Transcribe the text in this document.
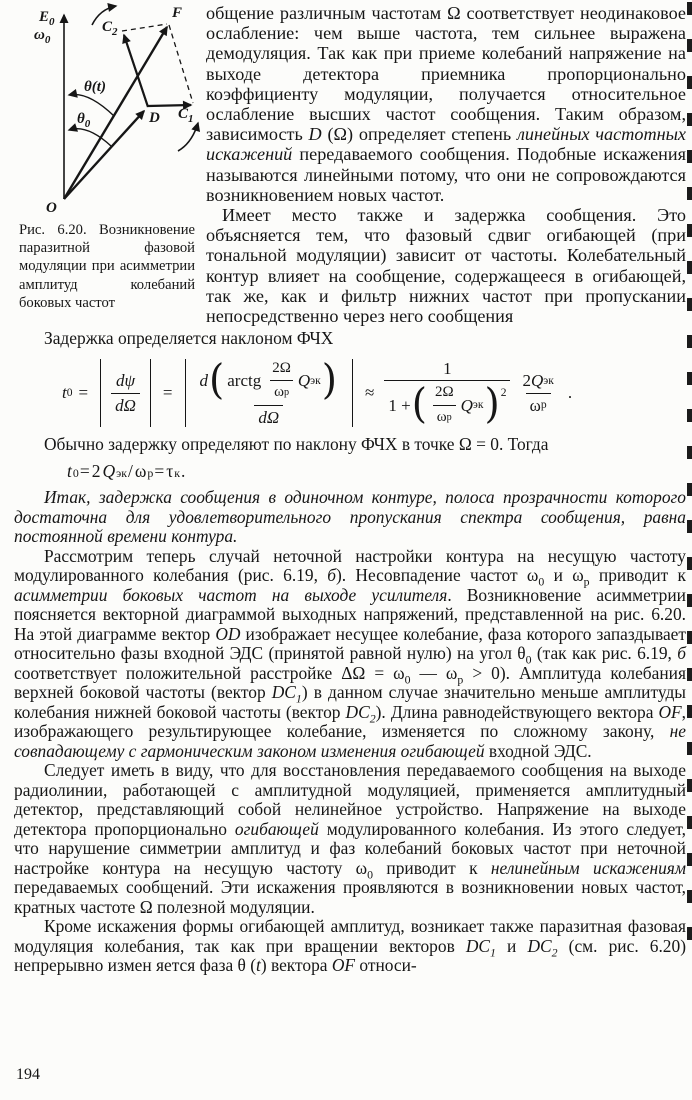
$E_0$
$\omega_0$
$C_2$
F
θ(t)
$\theta_0$	D $C_1$
O
Рис. 6.20. Возникновение паразитной фазовой модуляции при асимметрии амплитуд колебаний боковых частот
общение различным частотам Ω соответствует неодинаковое ослабление: чем выше частота, тем сильнее выражена демодуляция. Так как при приеме колебаний напряжение на выходе детектора приемника пропорционально коэффициенту модуляции, получается относительное ослабление высших частот сообщения. Таким образом, зависимость D (Ω) определяет степень линейных частотных искажений передаваемого сообщения. Подобные искажения называются линейными потому, что они не сопровождаются возникновением новых частот.
Имеет место также и задержка сообщения. Это объясняется тем, что фазовый сдвиг огибающей (при тональной модуляции) зависит от частоты. Колебательный контур влияет на сообщение, содержащееся в огибающей, так же, как и фильтр нижних частот при пропускании непосредственно через него сообщения
Задержка определяется наклоном ФЧХ
t 0 =	$\frac{d\psi}{d\Omega}$	=
d ( arctg $\frac{2\Omega}{\text{ω р}}$ Q эк )
dΩ
≈
1
1 + ( $\frac{2\Omega}{\text{ω р}}$ Q эк ) $2 \frac{\text{2 Q эк}}{\text{ω р}}$ .
Обычно задержку определяют по наклону ФЧХ в точке Ω = 0. Тогда
t 0 = 2 Q эк / ω р = τ к .
Итак, задержка сообщения в одиночном контуре, полоса прозрачности которого достаточна для удовлетворительного пропускания спектра сообщения, равна постоянной времени контура.
Рассмотрим теперь случай неточной настройки контура на несущую частоту модулированного колебания (рис. 6.19, б). Несовпадение частот $\omega_0$ и $\omega_р$ приводит к асимметрии боковых частот на выходе усилителя. Возникновение асимметрии поясняется векторной диаграммой выходных напряжений, представленной на рис. 6.20. На этой диаграмме вектор OD изображает несущее колебание, фаза которого запаздывает относительно фазы входной ЭДС (принятой равной нулю) на угол $\theta_0$ (так как рис. 6.19, б соответствует положительной расстройке $\Delta\Omega = \omega_0$ — $\omega_р > 0$). Амплитуда колебания верхней боковой частоты (вектор $DC_1$) в данном случае значительно меньше амплитуды колебания нижней боковой частоты (вектор $DC_2$). Длина равнодействующего вектора OF, изображающего результирующее колебание, изменяется по сложному закону, не совпадающему с гармоническим законом изменения огибающей входной ЭДС.
Следует иметь в виду, что для восстановления передаваемого сообщения на выходе радиолинии, работающей с амплитудной модуляцией, применяется амплитудный детектор, представляющий собой нелинейное устройство. Напряжение на выходе детектора пропорционально огибающей модулированного колебания. Из этого следует, что нарушение симметрии амплитуд и фаз колебаний боковых частот при неточной настройке контура на несущую частоту $\omega_0$ приводит к нелинейным искажениям передаваемых сообщений. Эти искажения проявляются в возникновении новых частот, кратных частоте Ω полезной модуляции.
Кроме искажения формы огибающей амплитуд, возникает также паразитная фазовая модуляция колебания, так как при вращении векторов $DC_1$ и $DC_2$ (см. рис. 6.20) непрерывно измен яется фаза θ (t) вектора OF относи-
194
